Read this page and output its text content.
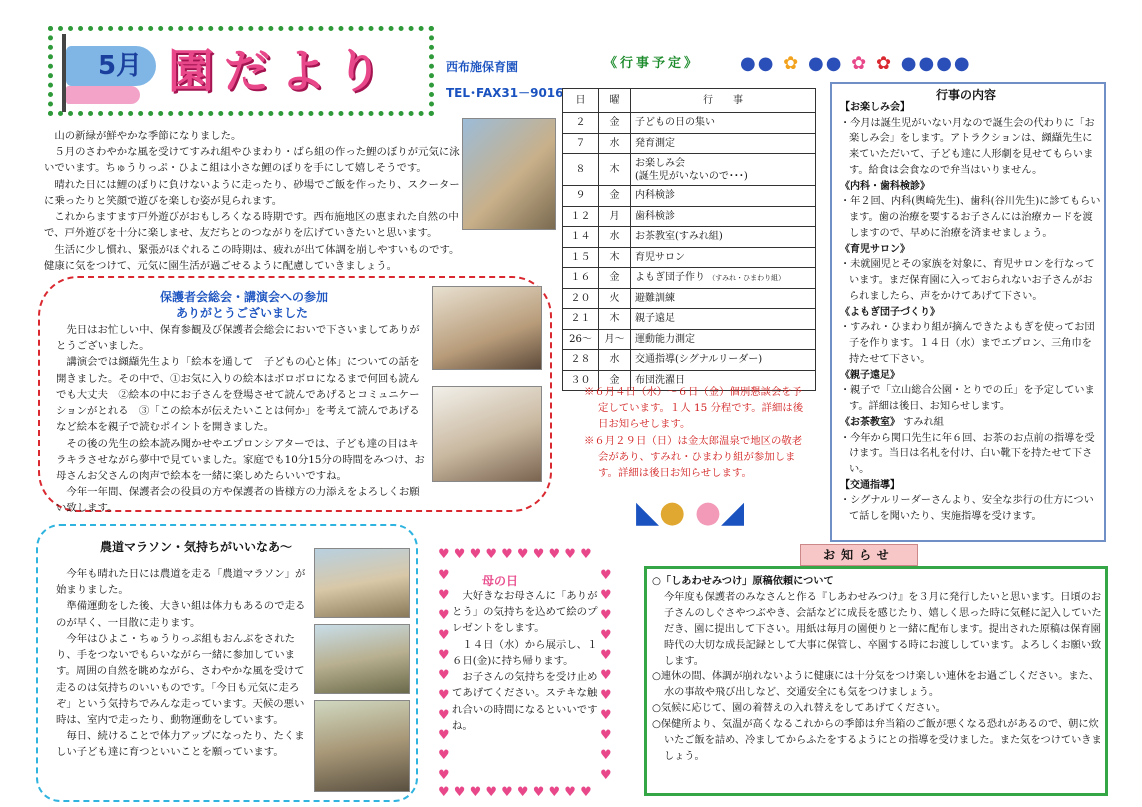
5月 園だより	西布施保育園
TEL･FAX31－9016

山の新緑が鮮やかな季節になりました。

５月のさわやかな風を受けてすみれ組やひまわり・ばら組の作った鯉のぼりが元気に泳いでいます。ちゅうりっぷ・ひよこ組は小さな鯉のぼりを手にして嬉しそうです。

晴れた日には鯉のぼりに負けないように走ったり、砂場でご飯を作ったり、スクーターに乗ったりと笑顔で遊びを楽しむ姿が見られます。

これからますます戸外遊びがおもしろくなる時期です。西布施地区の恵まれた自然の中で、戸外遊びを十分に楽しませ、友だちとのつながりを広げていきたいと思います。

生活に少し慣れ、緊張がほぐれるこの時期は、疲れが出て体調を崩しやすいものです。健康に気をつけて、元気に園生活が過ごせるように配慮していきましょう。

保護者会総会・講演会への参加
ありがとうございました

先日はお忙しい中、保育参観及び保護者会総会においで下さいましてありがとうございました。

講演会では纐纈先生より「絵本を通して　子どもの心と体」についての話を開きました。その中で、①お気に入りの絵本はボロボロになるまで何回も読んでも大丈夫　②絵本の中にお子さんを登場させて読んであげるとコミュニケーションがとれる　③「この絵本が伝えたいことは何か」を考えて読んであげるなど絵本を親子で読むポイントを開きました。

その後の先生の絵本読み聞かせやエプロンシアターでは、子ども達の目はキラキラさせながら夢中で見ていました。家庭でも10分15分の時間をみつけ、お母さんお父さんの肉声で絵本を一緒に楽しめたらいいですね。

今年一年間、保護者会の役員の方や保護者の皆様方の力添えをよろしくお願い致します。

《行事予定》 ●● ✿ ●● ✿ ✿ ●●●●
日	曜	行　　事
２	金	子どもの日の集い
７	水	発育測定
８	木	お楽しみ会
(誕生児がいないので･･･)

９	金	内科検診
１２	月	歯科検診
１４	水	お茶教室(すみれ組)
１５	木	育児サロン
１６	金	よもぎ団子作り （すみれ・ひまわり組）
２０	火	避難訓練
２１	木	親子遠足
26～	月～	運動能力測定
２８	水	交通指導(シグナルリーダー)
３０	金	布団洗濯日

※６月４日（水）～６日（金）個別懇談会を予定しています。１人 15 分程です。詳細は後日お知らせします。

※６月２９日（日）は金太郎温泉で地区の敬老会があり、すみれ・ひまわり組が参加します。詳細は後日お知らせします。

◣● ●◢
行事の内容
【お楽しみ会】
・今月は誕生児がいない月なので誕生会の代わりに「お楽しみ会」をします。アトラクションは、纐纈先生に来ていただいて、子ども達に人形劇を見せてもらいます。給食は会食なので弁当はいりません。
《内科・歯科検診》
・年２回、内科(輿崎先生)、歯科(谷川先生)に診てもらいます。歯の治療を要するお子さんには治療カードを渡しますので、早めに治療を済ませましょう。
《育児サロン》
・未就園児とその家族を対象に、育児サロンを行なっています。まだ保育園に入っておられないお子さんがおられましたら、声をかけてあげて下さい。
《よもぎ団子づくり》
・すみれ・ひまわり組が摘んできたよもぎを使ってお団子を作ります。１４日（水）までエプロン、三角巾を持たせて下さい。
《親子遠足》
・親子で「立山総合公園・とりでの丘」を予定しています。詳細は後日、お知らせします。
《お茶教室》 すみれ組
・今年から関口先生に年６回、お茶のお点前の指導を受けます。当日は名札を付け、白い靴下を持たせて下さい。
【交通指導】
・シグナルリーダーさんより、安全な歩行の仕方について話しを聞いたり、実施指導を受けます。
農道マラソン・気持ちがいいなあ～

今年も晴れた日には農道を走る「農道マラソン」が始まりました。

準備運動をした後、大きい組は体力もあるので走るのが早く、一目散に走ります。

今年はひよこ・ちゅうりっぷ組もおんぶをされたり、手をつないでもらいながら一緒に参加しています。周囲の自然を眺めながら、さわやかな風を受けて走るのは気持ちのいいものです。「今日も元気に走ろぞ」という気持ちでみんな走っています。天候の悪い時は、室内で走ったり、動物運動をしています。

毎日、続けることで体力アップになったり、たくましい子ども達に育つといいことを願っています。

♥ ♥ ♥ ♥ ♥ ♥ ♥ ♥ ♥ ♥
♥
♥
♥
♥
♥
♥
♥
♥
♥
♥
♥
♥
♥
♥
♥
♥
♥
♥
♥
♥
♥
♥
♥ ♥ ♥ ♥ ♥ ♥ ♥ ♥ ♥ ♥
母の日

大好きなお母さんに「ありがとう」の気持ちを込めて絵のプレゼントをします。

１４日（水）から展示し、１６日(金)に持ち帰ります。

お子さんの気持ちを受け止めてあげてください。ステキな触れ合いの時間になるといいですね。

お知らせ
○「しあわせみつけ」原稿依頼について
今年度も保護者のみなさんと作る『しあわせみつけ』を３月に発行したいと思います。日頃のお子さんのしぐさやつぶやき、会話などに成長を感じたり、嬉しく思った時に気軽に記入していただき、園に提出して下さい。用紙は毎月の園便りと一緒に配布します。提出された原稿は保育園時代の大切な成長記録として大事に保管し、卒園する時にお渡ししています。よろしくお願い致します。
○連休の間、体調が崩れないように健康には十分気をつけ楽しい連休をお過ごしください。また、水の事故や飛び出しなど、交通安全にも気をつけましょう。
○気候に応じて、園の着替えの入れ替えをしてあげてください。
○保健所より、気温が高くなるこれからの季節は弁当箱のご飯が悪くなる恐れがあるので、朝に炊いたご飯を詰め、冷ましてからふたをするようにとの指導を受けました。また気をつけていきましょう。
